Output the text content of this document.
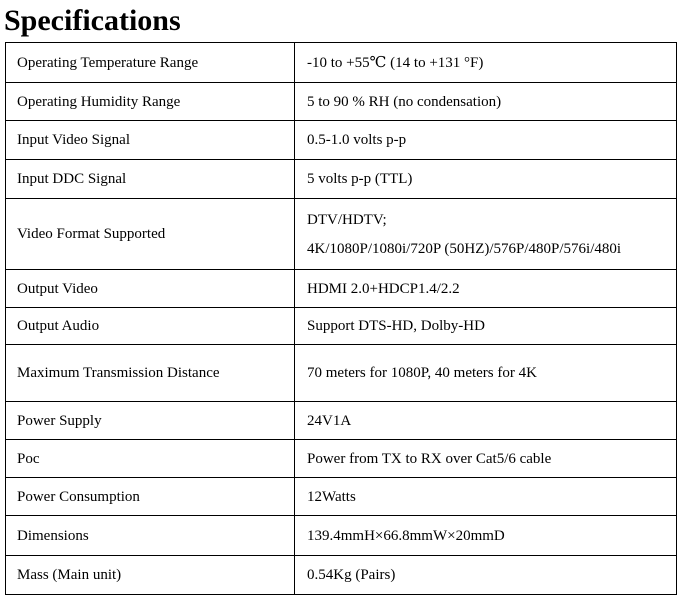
Specifications
Operating Temperature Range	-10 to +55℃ (14 to +131 °F)
Operating Humidity Range	5 to 90 % RH (no condensation)
Input Video Signal	0.5-1.0 volts p-p
Input DDC Signal	5 volts p-p (TTL)
Video Format Supported	DTV/HDTV;
4K/1080P/1080i/720P (50HZ)/576P/480P/576i/480i

Output Video	HDMI 2.0+HDCP1.4/2.2
Output Audio	Support DTS-HD, Dolby-HD
Maximum Transmission Distance	70 meters for 1080P, 40 meters for 4K
Power Supply	24V1A
Poc	Power from TX to RX over Cat5/6 cable
Power Consumption	12Watts
Dimensions	139.4mmH×66.8mmW×20mmD
Mass (Main unit)	0.54Kg (Pairs)
